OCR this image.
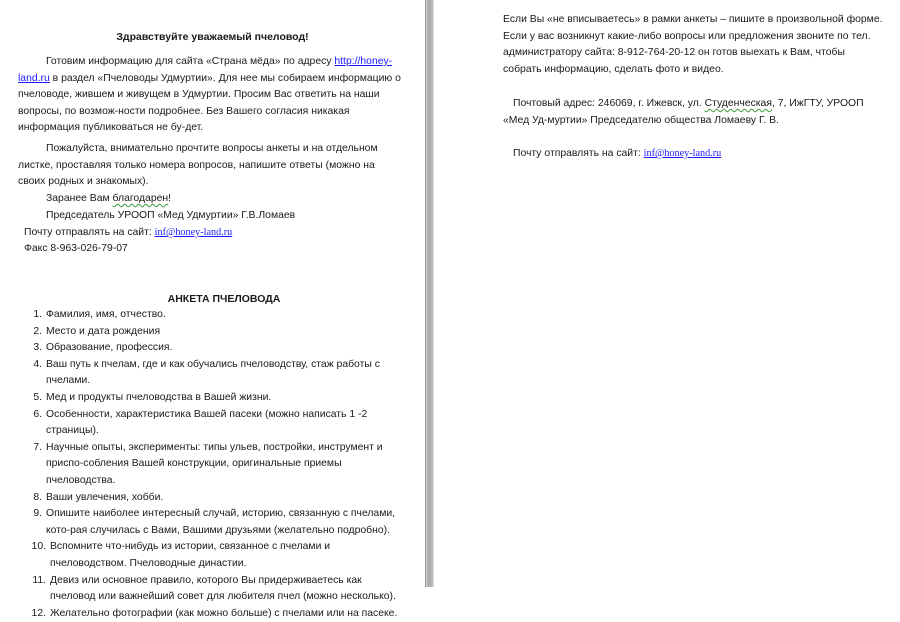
Здравствуйте уважаемый пчеловод!

Готовим информацию для сайта «Страна мёда» по адресу http://honey-land.ru в раздел «Пчеловоды Удмуртии». Для нее мы собираем информацию о пчеловоде, жившем и живущем в Удмуртии. Просим Вас ответить на наши вопросы, по возмож-ности подробнее. Без Вашего согласия никакая информация публиковаться не бу-дет.

Пожалуйста, внимательно прочтите вопросы анкеты и на отдельном листке, проставляя только номера вопросов, напишите ответы (можно на своих родных и знакомых).

Заранее Вам благодарен!
Председатель УРООП «Мед Удмуртии» Г.В.Ломаев
Почту отправлять на сайт: inf@honey-land.ru
Факс 8-963-026-79-07
АНКЕТА ПЧЕЛОВОДА
1. Фамилия, имя, отчество.
2. Место и дата рождения
3. Образование, профессия.
4. Ваш путь к пчелам, где и как обучались пчеловодству, стаж работы с пчелами.
5. Мед и продукты пчеловодства в Вашей жизни.
6. Особенности, характеристика Вашей пасеки (можно написать 1 -2 страницы).
7. Научные опыты, эксперименты: типы ульев, постройки, инструмент и приспо-собления Вашей конструкции, оригинальные приемы пчеловодства.
8. Ваши увлечения, хобби.
9. Опишите наиболее интересный случай, историю, связанную с пчелами, кото-рая случилась с Вами, Вашими друзьями (желательно подробно).
10. Вспомните что-нибудь из истории, связанное с пчелами и пчеловодством. Пчеловодные династии.
11. Девиз или основное правило, которого Вы придерживаетесь как пчеловод или важнейший совет для любителя пчел (можно несколько).
12. Желательно фотографии (как можно больше) с пчелами или на пасеке.

Если Вы «не вписываетесь» в рамки анкеты – пишите в произвольной форме. Если у вас возникнут какие-либо вопросы или предложения звоните по тел. администратору сайта: 8-912-764-20-12 он готов выехать к Вам, чтобы собрать информацию, сделать фото и видео.

Почтовый адрес: 246069, г. Ижевск, ул. Студенческая, 7, ИжГТУ, УРООП «Мед Уд-муртии» Председателю общества Ломаеву Г. В.

Почту отправлять на сайт: inf@honey-land.ru
